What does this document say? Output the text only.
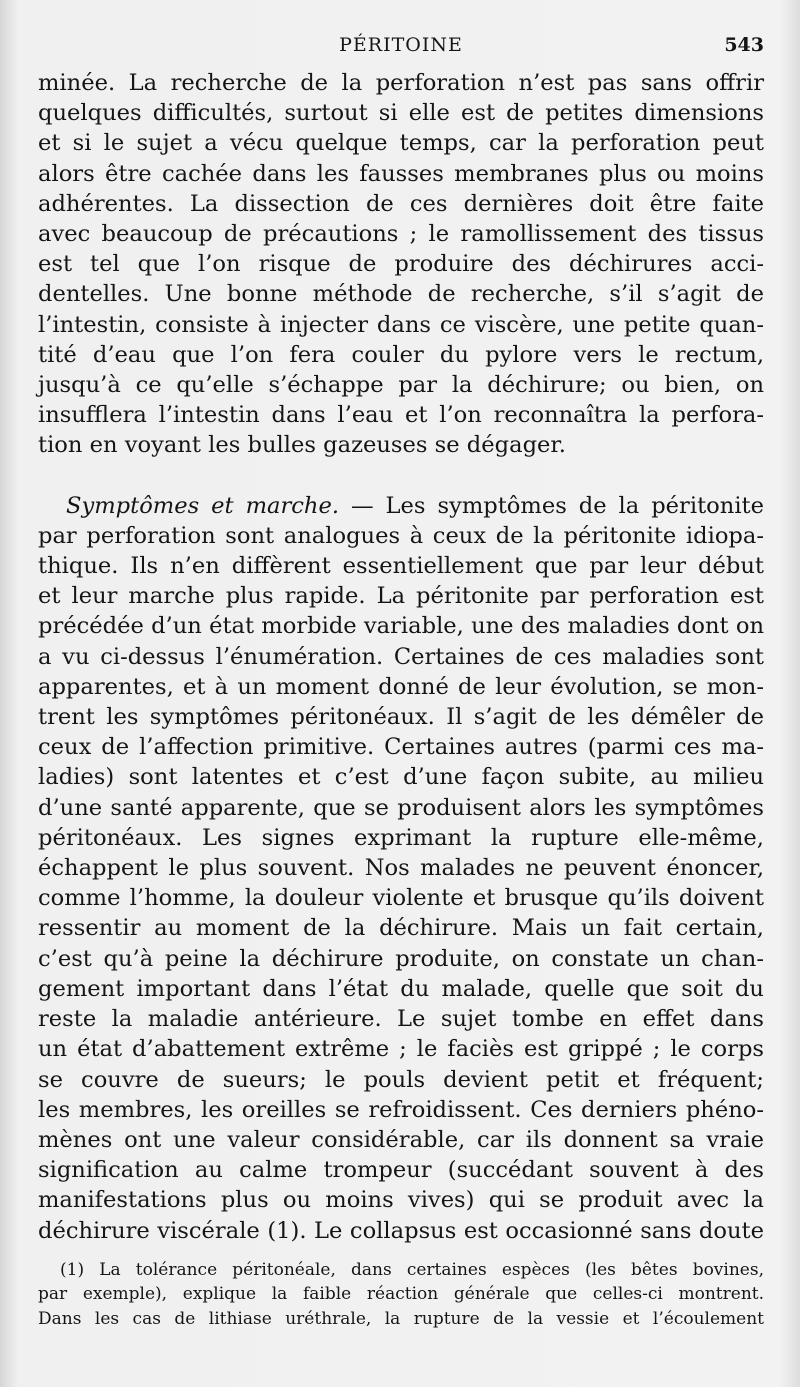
PÉRITOINE	543
minée. La recherche de la perforation n’est pas sans offrir
quelques difficultés, surtout si elle est de petites dimensions
et si le sujet a vécu quelque temps, car la perforation peut
alors être cachée dans les fausses membranes plus ou moins
adhérentes. La dissection de ces dernières doit être faite
avec beaucoup de précautions ; le ramollissement des tissus
est tel que l’on risque de produire des déchirures acci-
dentelles. Une bonne méthode de recherche, s’il s’agit de
l’intestin, consiste à injecter dans ce viscère, une petite quan-
tité d’eau que l’on fera couler du pylore vers le rectum,
jusqu’à ce qu’elle s’échappe par la déchirure; ou bien, on
insufflera l’intestin dans l’eau et l’on reconnaîtra la perfora-
tion en voyant les bulles gazeuses se dégager.
Symptômes et marche. — Les symptômes de la péritonite
par perforation sont analogues à ceux de la péritonite idiopa-
thique. Ils n’en diffèrent essentiellement que par leur début
et leur marche plus rapide. La péritonite par perforation est
précédée d’un état morbide variable, une des maladies dont on
a vu ci-dessus l’énumération. Certaines de ces maladies sont
apparentes, et à un moment donné de leur évolution, se mon-
trent les symptômes péritonéaux. Il s’agit de les démêler de
ceux de l’affection primitive. Certaines autres (parmi ces ma-
ladies) sont latentes et c’est d’une façon subite, au milieu
d’une santé apparente, que se produisent alors les symptômes
péritonéaux. Les signes exprimant la rupture elle-même,
échappent le plus souvent. Nos malades ne peuvent énoncer,
comme l’homme, la douleur violente et brusque qu’ils doivent
ressentir au moment de la déchirure. Mais un fait certain,
c’est qu’à peine la déchirure produite, on constate un chan-
gement important dans l’état du malade, quelle que soit du
reste la maladie antérieure. Le sujet tombe en effet dans
un état d’abattement extrême ; le faciès est grippé ; le corps
se couvre de sueurs; le pouls devient petit et fréquent;
les membres, les oreilles se refroidissent. Ces derniers phéno-
mènes ont une valeur considérable, car ils donnent sa vraie
signification au calme trompeur (succédant souvent à des
manifestations plus ou moins vives) qui se produit avec la
déchirure viscérale (1). Le collapsus est occasionné sans doute
(1) La tolérance péritonéale, dans certaines espèces (les bêtes bovines,
par exemple), explique la faible réaction générale que celles-ci montrent.
Dans les cas de lithiase uréthrale, la rupture de la vessie et l’écoulement
